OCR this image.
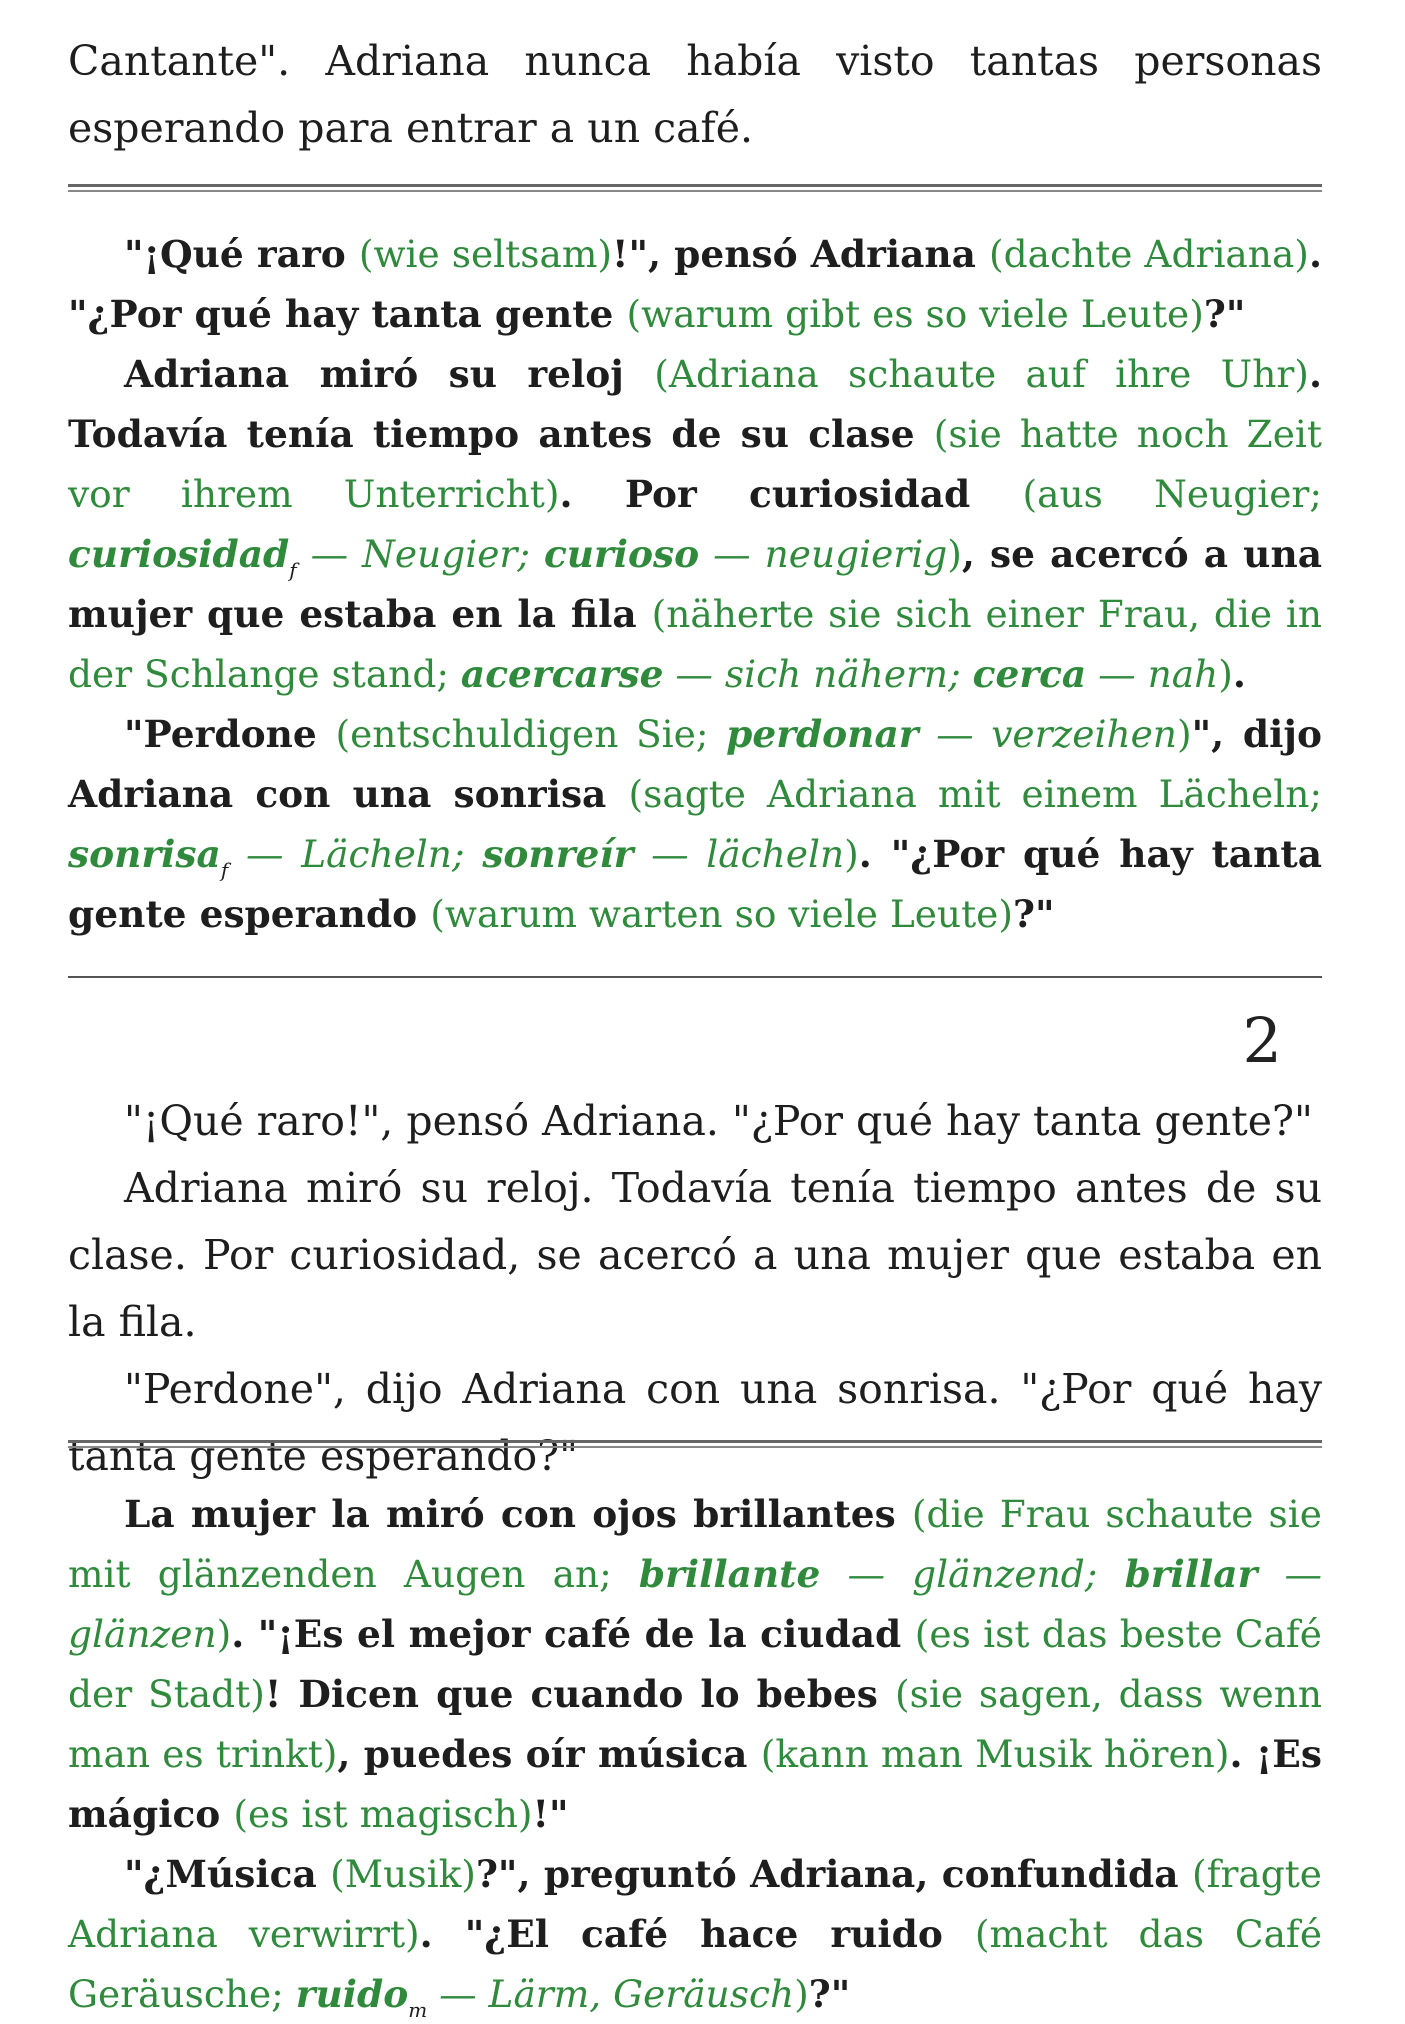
Cantante". Adriana nunca había visto tantas personas esperando para entrar a un café.

"¡Qué raro (wie seltsam)!", pensó Adriana (dachte Adriana). "¿Por qué hay tanta gente (warum gibt es so viele Leute)?"

Adriana miró su reloj (Adriana schaute auf ihre Uhr). Todavía tenía tiempo antes de su clase (sie hatte noch Zeit vor ihrem Unterricht). Por curiosidad (aus Neugier; curiosidad$_f$ — Neugier; curioso — neugierig), se acercó a una mujer que estaba en la fila (näherte sie sich einer Frau, die in der Schlange stand; acercarse — sich nähern; cerca — nah).

"Perdone (entschuldigen Sie; perdonar — verzeihen)", dijo Adriana con una sonrisa (sagte Adriana mit einem Lächeln; sonrisa$_f$ — Lächeln; sonreír — lächeln). "¿Por qué hay tanta gente esperando (warum warten so viele Leute)?"

2

"¡Qué raro!", pensó Adriana. "¿Por qué hay tanta gente?"

Adriana miró su reloj. Todavía tenía tiempo antes de su clase. Por curiosidad, se acercó a una mujer que estaba en la fila.

"Perdone", dijo Adriana con una sonrisa. "¿Por qué hay tanta gente esperando?"

La mujer la miró con ojos brillantes (die Frau schaute sie mit glänzenden Augen an; brillante — glänzend; brillar — glänzen). "¡Es el mejor café de la ciudad (es ist das beste Café der Stadt)! Dicen que cuando lo bebes (sie sagen, dass wenn man es trinkt), puedes oír música (kann man Musik hören). ¡Es mágico (es ist magisch)!"

"¿Música (Musik)?", preguntó Adriana, confundida (fragte Adriana verwirrt). "¿El café hace ruido (macht das Café Geräusche; ruido$_m$ — Lärm, Geräusch)?"
